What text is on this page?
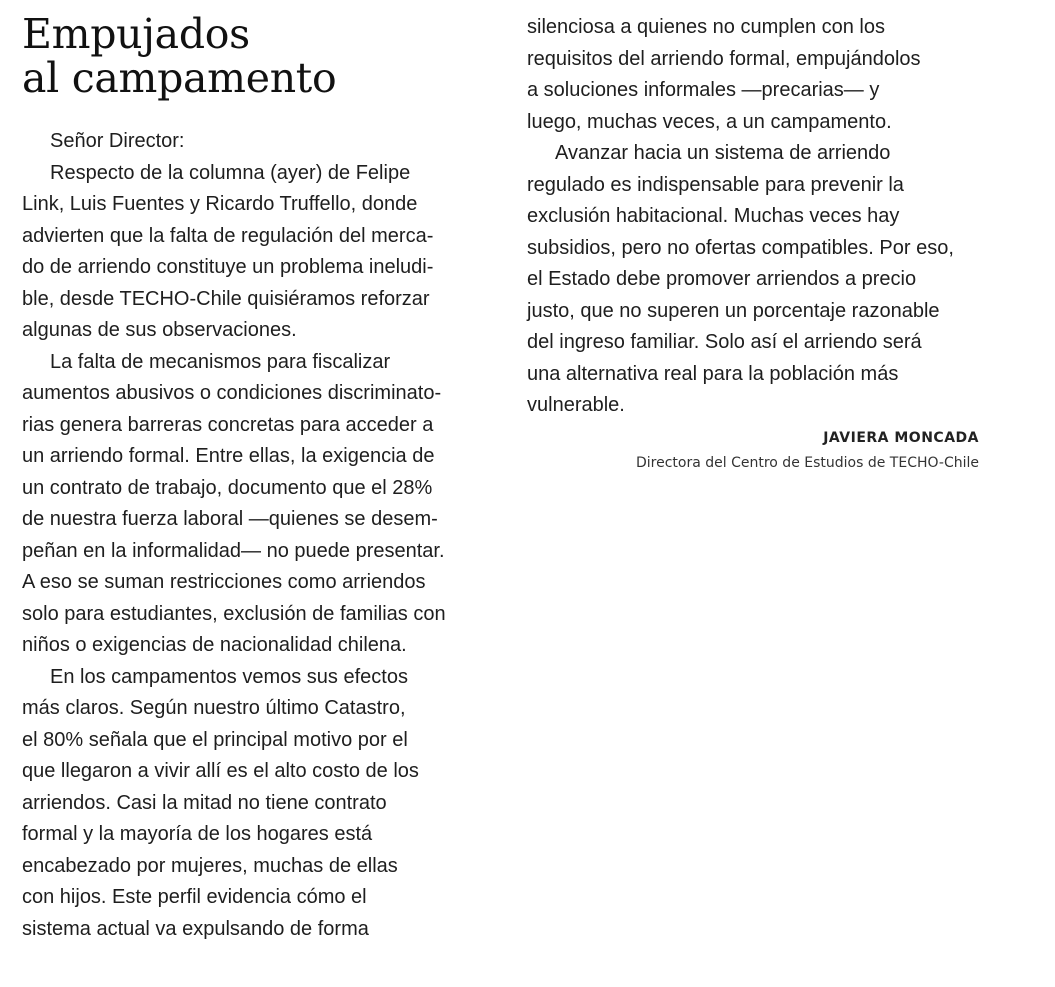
Empujados
al campamento
Señor Director:
Respecto de la columna (ayer) de Felipe
Link, Luis Fuentes y Ricardo Truffello, donde
advierten que la falta de regulación del merca-
do de arriendo constituye un problema ineludi-
ble, desde TECHO-Chile quisiéramos reforzar
algunas de sus observaciones.
La falta de mecanismos para fiscalizar
aumentos abusivos o condiciones discriminato-
rias genera barreras concretas para acceder a
un arriendo formal. Entre ellas, la exigencia de
un contrato de trabajo, documento que el 28%
de nuestra fuerza laboral —quienes se desem-
peñan en la informalidad— no puede presentar.
A eso se suman restricciones como arriendos
solo para estudiantes, exclusión de familias con
niños o exigencias de nacionalidad chilena.
En los campamentos vemos sus efectos
más claros. Según nuestro último Catastro,
el 80% señala que el principal motivo por el
que llegaron a vivir allí es el alto costo de los
arriendos. Casi la mitad no tiene contrato
formal y la mayoría de los hogares está
encabezado por mujeres, muchas de ellas
con hijos. Este perfil evidencia cómo el
sistema actual va expulsando de forma
silenciosa a quienes no cumplen con los
requisitos del arriendo formal, empujándolos
a soluciones informales —precarias— y
luego, muchas veces, a un campamento.
Avanzar hacia un sistema de arriendo
regulado es indispensable para prevenir la
exclusión habitacional. Muchas veces hay
subsidios, pero no ofertas compatibles. Por eso,
el Estado debe promover arriendos a precio
justo, que no superen un porcentaje razonable
del ingreso familiar. Solo así el arriendo será
una alternativa real para la población más
vulnerable.
JAVIERA MONCADA
Directora del Centro de Estudios de TECHO-Chile
